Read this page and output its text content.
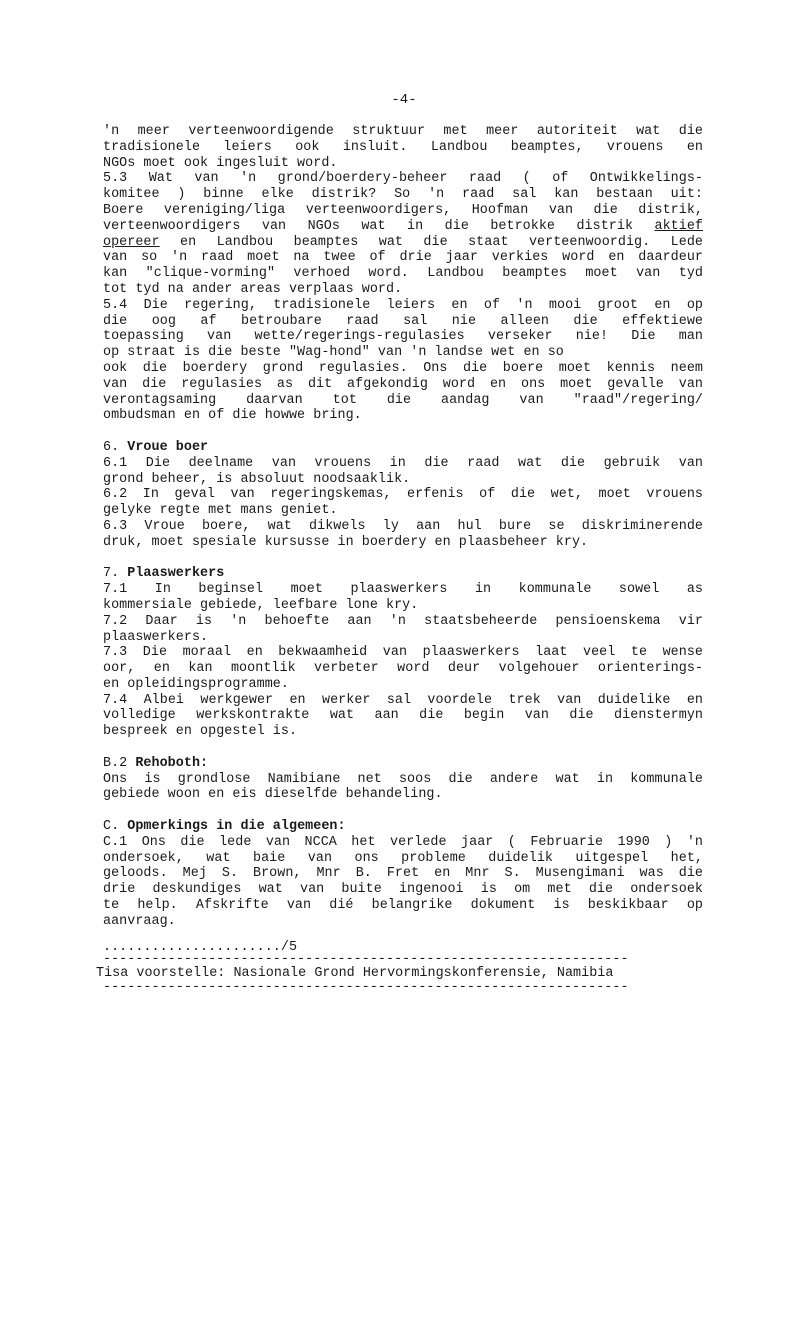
-4-
'n meer verteenwoordigende struktuur met meer autoriteit wat die
tradisionele leiers ook insluit. Landbou beamptes, vrouens en
NGOs moet ook ingesluit word.
5.3 Wat van 'n grond/boerdery-beheer raad ( of Ontwikkelings-
komitee ) binne elke distrik? So 'n raad sal kan bestaan uit:
Boere vereniging/liga verteenwoordigers, Hoofman van die distrik,
verteenwoordigers van NGOs wat in die betrokke distrik aktief
opereer en Landbou beamptes wat die staat verteenwoordig. Lede
van so 'n raad moet na twee of drie jaar verkies word en daardeur
kan "clique-vorming" verhoed word. Landbou beamptes moet van tyd
tot tyd na ander areas verplaas word.
5.4 Die regering, tradisionele leiers en of 'n mooi groot en op
die oog af betroubare raad sal nie alleen die effektiewe
toepassing van wette/regerings-regulasies verseker nie! Die man
op straat is die beste "Wag-hond" van 'n landse wet en so
ook die boerdery grond regulasies. Ons die boere moet kennis neem
van die regulasies as dit afgekondig word en ons moet gevalle van
verontagsaming daarvan tot die aandag van "raad"/regering/
ombudsman en of die howwe bring.
6. Vroue boer
6.1 Die deelname van vrouens in die raad wat die gebruik van
grond beheer, is absoluut noodsaaklik.
6.2 In geval van regeringskemas, erfenis of die wet, moet vrouens
gelyke regte met mans geniet.
6.3 Vroue boere, wat dikwels ly aan hul bure se diskriminerende
druk, moet spesiale kursusse in boerdery en plaasbeheer kry.
7. Plaaswerkers
7.1 In beginsel moet plaaswerkers in kommunale sowel as
kommersiale gebiede, leefbare lone kry.
7.2 Daar is 'n behoefte aan 'n staatsbeheerde pensioenskema vir
plaaswerkers.
7.3 Die moraal en bekwaamheid van plaaswerkers laat veel te wense
oor, en kan moontlik verbeter word deur volgehouer orienterings-
en opleidingsprogramme.
7.4 Albei werkgewer en werker sal voordele trek van duidelike en
volledige werkskontrakte wat aan die begin van die dienstermyn
bespreek en opgestel is.
B.2 Rehoboth:
Ons is grondlose Namibiane net soos die andere wat in kommunale
gebiede woon en eis dieselfde behandeling.
C. Opmerkings in die algemeen:
C.1 Ons die lede van NCCA het verlede jaar ( Februarie 1990 ) 'n
ondersoek, wat baie van ons probleme duidelik uitgespel het,
geloods. Mej S. Brown, Mnr B. Fret en Mnr S. Musengimani was die
drie deskundiges wat van buite ingenooi is om met die ondersoek
te help. Afskrifte van dié belangrike dokument is beskikbaar op
aanvraag.
....................../5
-----------------------------------------------------------------
Tisa voorstelle: Nasionale Grond Hervormingskonferensie, Namibia
-----------------------------------------------------------------
